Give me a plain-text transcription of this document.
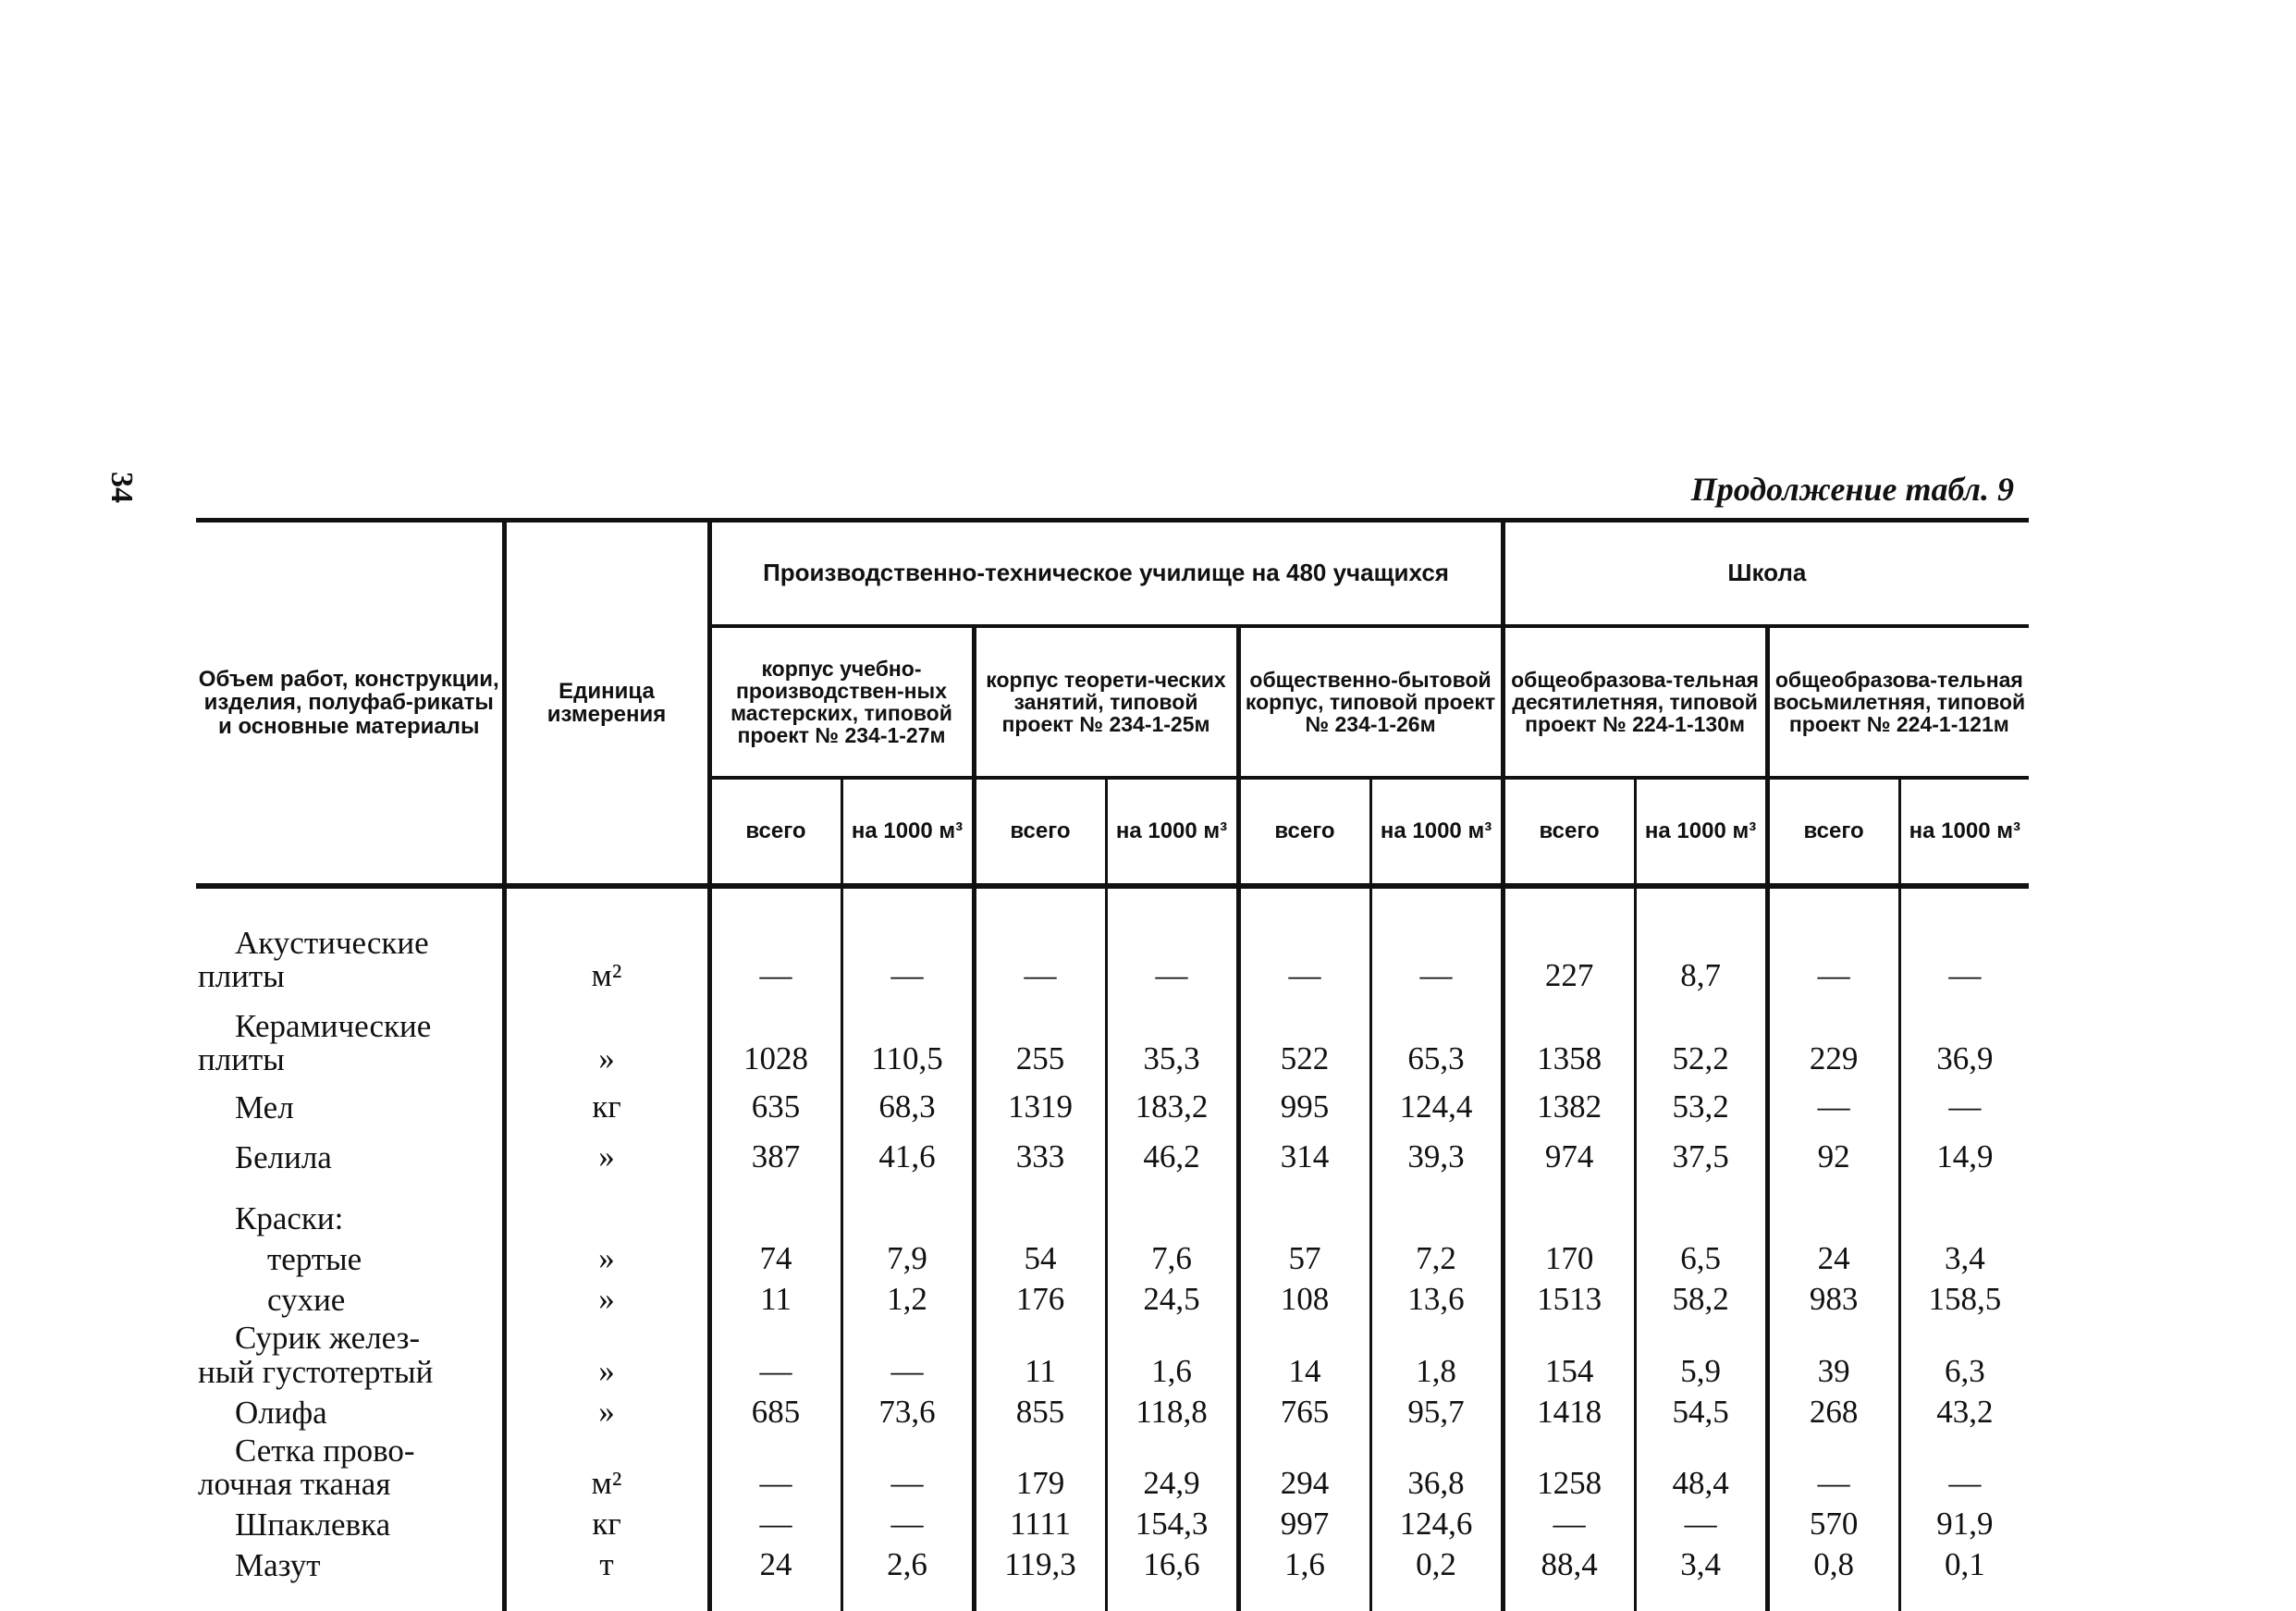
34	Продолжение табл. 9
Объем работ, конструкции, изделия, полуфаб-рикаты и основные материалы	Единица измерения	Производственно-техническое училище на 480 учащихся						Школа			
		корпус учебно-производствен-ных мастерских, типовой проект № 234-1-27м		корпус теорети-ческих занятий, типовой проект № 234-1-25м		общественно-бытовой корпус, типовой проект № 234-1-26м		общеобразова-тельная десятилетняя, типовой проект № 224-1-130м		общеобразова-тельная восьмилетняя, типовой проект № 224-1-121м	
		всего	на 1000 м³	всего	на 1000 м³	всего	на 1000 м³	всего	на 1000 м³	всего	на 1000 м³

Акустические
плиты	м²	—	—	—	—	—	—	227	8,7	—	—

Керамические
плиты	»	1028	110,5	255	35,3	522	65,3	1358	52,2	229	36,9

Мел	кг	635	68,3	1319	183,2	995	124,4	1382	53,2	—	—

Белила	»	387	41,6	333	46,2	314	39,3	974	37,5	92	14,9

Краски:											

тертые	»	74	7,9	54	7,6	57	7,2	170	6,5	24	3,4

сухие	»	11	1,2	176	24,5	108	13,6	1513	58,2	983	158,5

Сурик желез-
ный густотертый	»	—	—	11	1,6	14	1,8	154	5,9	39	6,3

Олифа	»	685	73,6	855	118,8	765	95,7	1418	54,5	268	43,2

Сетка прово-
лочная тканая	м²	—	—	179	24,9	294	36,8	1258	48,4	—	—

Шпаклевка	кг	—	—	1111	154,3	997	124,6	—	—	570	91,9

Мазут	т	24	2,6	119,3	16,6	1,6	0,2	88,4	3,4	0,8	0,1
